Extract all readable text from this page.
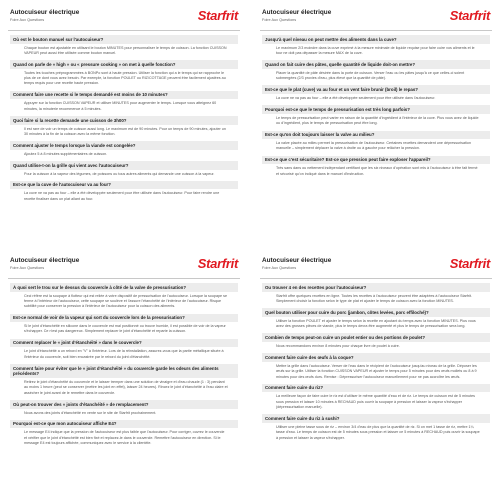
Autocuiseur électrique
Foire Aux Questions	Starfrit
Où est le bouton manuel sur l'autocuiseur?
Chaque bouton est ajustable en utilisant le bouton MINUTES pour personnaliser le temps de cuisson. La fonction CUISSON VAPEUR peut aussi être utilisée comme bouton manuel.
Quand on parle de « high » ou « pressure cooking » on met à quelle fonction?
Toutes les touches préprogrammées à BONPo sont à haute pression. Utiliser la fonction qui a le temps qui se rapproche le plus de ce dont vous avez besoin. Par exemple, la fonction POULET ou RIZ/COTTAGE peuvent être facilement ajustées au temps requis pour une recette haute pression.
Comment faire une recette si le temps demandé est moins de 10 minutes?
Appuyer sur la fonction CUISSON VAPEUR et utiliser MINUTES pour augmenter le temps. Lorsque vous atteignez 60 minutes, la minuterie recommence à 5 minutes.
Quoi faire si la recette demande une cuisson de 3h00?
Il est rare de voir un temps de cuisson aussi long. Le maximum est de 90 minutes. Pour un temps de 90 minutes, ajouter un 30 minutes à la fin de la cuisson avec la même fonction.
Comment ajuster le temps lorsque la viande est congelée?
Ajoutez 5 à 8 minutes supplémentaires de cuisson.
Quand utilise-t-on la grille qui vient avec l'autocuiseur?
Pour la cuisson à la vapeur des légumes, de poissons ou tous autres aliments qui demande une cuisson à la vapeur.
Est-ce que la cuve de l'autocuiseur va au four?
La cuve ne va pas au four – elle a été développée seulement pour être utilisée dans l'autocuiseur. Pour faire rendre une recette finaliser dans un plat allant au four.
Autocuiseur électrique
Foire Aux Questions	Starfrit
Jusqu'à quel niveau on peut mettre des aliments dans la cuve?
Le maximum 2/3 moindre dans la cuve exprimé à la mesure minimale de liquide requise pour faire cuire vos aliments et le tour ne doit pas dépasser la mesure MAX de la cuve.
Quand on fait cuire des pâtes, quelle quantité de liquide doit-on mettre?
Placer la quantité de pâte désirée dans la porte de cuisson. Verser l'eau ou les pâtes jusqu'à ce que celles-ci soient submergées (2/3 proxies d'eau, plus élevé que la quantité de pâte).
Est-ce que le plat (cuve) va au four et un vent faire brunir (broil) le repas?
La cuve ne va pas au four – elle a été développée seulement pour être utilisée dans l'autocuiseur.
Pourquoi est-ce que le temps de pressurisation est très long parfois?
Le temps de pressurisation peut varier en raison de la quantité d'ingrédient à l'intérieur de la cuve. Plus vous avez de liquide ou d'ingrédient, plus le temps de pressurisation peut être long.
Est-ce qu'on doit toujours laisser la valve au milieu?
La valve placée au milieu permet la pressurisation de l'autocuiseur. Certaines recettes demandent une dépressurisation manuelle – simplement déplacer la valve à droite ou à gauche pour relâcher la pression.
Est-ce que c'est sécuritaire? Est-ce que pression peut faire exploser l'appareil?
Très sans dans ou nettement indépendant certifiant que les six niveaux d'opération sont mis à l'autocuiseur à être fait fermé et sécurisé qu'on indiqué dans le manuel d'instruction.
Autocuiseur électrique
Foire Aux Questions	Starfrit
À quoi sert le trou sur le dessus du couvercle à côté de la valve de pressurisation?
Ceci réfère est la soupape à flotteur qui est reliée à votre dispositif de pressurisation de l'autocuiseur. Lorsque la soupape se ferme à l'intérieur de l'autocuiseur, cette soupape se soulève et l'assure l'étanchéité de l'intérieur de l'autocuiseur. Risque subtilité pour conserver la pression à l'intérieur de l'autocuiseur pour la cuisson des aliments.
Est-ce normal de voir de la vapeur qui sort du couvercle lors de la pressurisation?
Si le joint d'étanchéité en silicone dans le couvercle est mal positionné ou trouve humide, il est possible de voir de la vapeur s'échapper. Ce n'est pas dangereux. Simplement replacer le joint d'étanchéité et reparte la cuisson.
Comment replacer le « joint d'étanchéité » dans le couvercle?
Le joint d'étanchéité a un rebord en "V" à l'intérieur. Lors de la réinstallation, assurez-vous que la partie métallique située à l'intérieur du couvercle, soit bien encastrée par le rebord du joint d'étanchéité.
Comment faire pour éviter que le « joint d'étanchéité » du couvercle garde les odeurs des aliments précédents?
Retirez le joint d'étanchéité du couvercle et le laisser tremper dans une solution de vinaigre et d'eau chaude (1 : 3) pendant au moins 1 heure (peut se conserver (mettre les joint en effet), laisser 24 heures). Rincez le joint d'étanchéité à l'eau claire et assécher le joint avant de le remettre dans le couvercle.
Où peut-on trouver des « joints d'étanchéité » de remplacement?
Nous avons des joints d'étanchéité en vente sur le site de Starfrit prochainement.
Pourquoi est-ce que mon autocuiseur affiche E4?
Le message E4 indique que la pression de l'autocuiseur est plus faible que l'autocuiseur. Pour corriger, ouvrez le couvercle et vérifier que le joint d'étanchéité est bien fixé et replacez-le dans le couvercle. Remettre l'autocuiseur en direction. Si le message E4 est toujours affichée, communiquez avec le service à la clientèle.
Autocuiseur électrique
Foire Aux Questions	Starfrit
Ou trouver 4 en des recettes pour l'autocuiseur?
Starfrit offre quelques recettes en ligne. Toutes les recettes à l'autocuiseur peuvent être adaptées à l'autocuiseur Starfrit. Simplement choisir la fonction selon le type de plat et ajuster le temps de cuisson avec la fonction MINUTES.
Quel bouton utiliser pour cuire du porc (jambon, côtes levées, porc effiloché)?
Utiliser la fonction POULET et ajuster le temps selon la recette en ajoutant du temps avec la fonction MINUTES. Plus vous avez des grosses pièces de viande, plus le temps devra être augmenté et plus le temps de pressurisation sera long.
Combien de temps peut-on cuire un poulet entier ou des portions de poulet?
Nous recommandons environ 8 minutes pour chaque livre de poulet à cuire.
Comment faire cuire des œufs à la coque?
Mettre la grille dans l'autocuiseur. Verser de l'eau dans le récipient de l'autocuiseur jusqu'au niveau de la grille. Déposer les œufs sur la grille. Utiliser la fonction CUISSON VAPEUR et ajuster le temps pour 5 minutes pour des œufs mollets ou 8 à 9 minutes pour des œufs durs. Remise : Dépressuriser l'autocuiseur manuellement pour ne pas accroître les œufs.
Comment faire cuire du riz?
La meilleure façon de faire cuire le riz est d'utiliser le même quantité d'eau et de riz. Le temps de cuisson est de 5 minutes sous pression et laisser 10 minutes à RECHAUD puis ouvrir la soupape à pression et laisser la vapeur s'échapper (dépressurisation manuelle).
Comment faire cuire du riz à sushi?
Utiliser une pleine tasse sous de riz – environ 3/4 d'eau de plus que la quantité de riz. Si on met 1 tasse de riz, mettre 1¼ tasse d'eau. Le temps de cuisson est de 5 minutes sous pression et laisser ce 5 minutes à RECHAUD puis ouvrir la soupape à pression et laisser la vapeur s'échapper.
